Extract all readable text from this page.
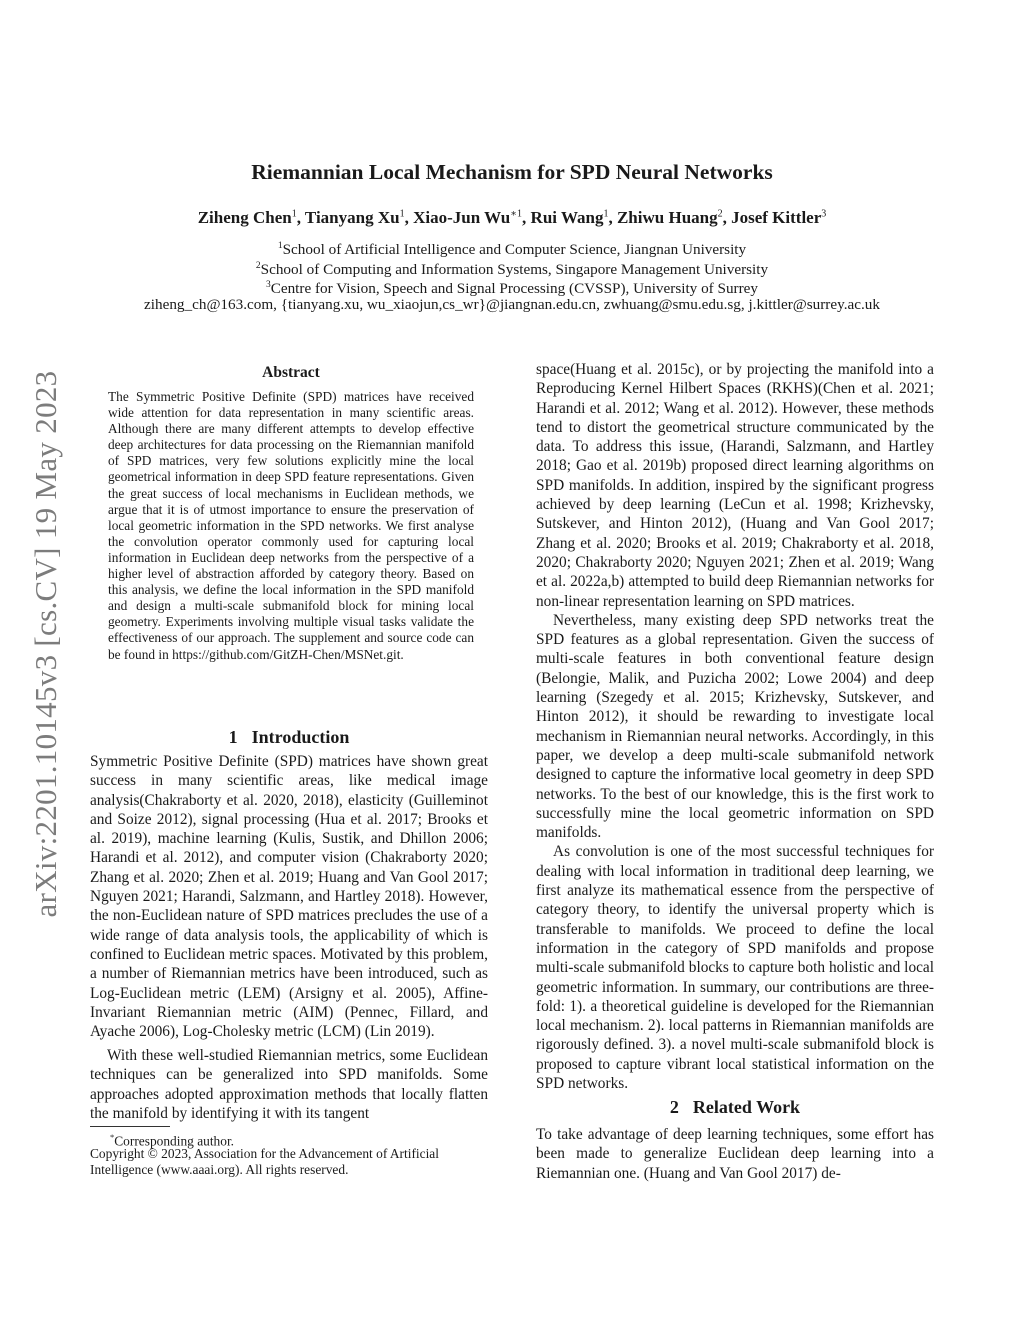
arXiv:2201.10145v3 [cs.CV] 19 May 2023
Riemannian Local Mechanism for SPD Neural Networks
Ziheng Chen$^1$, Tianyang Xu$^1$, Xiao-Jun $Wu^{∗1}$, Rui Wang$^1$, Zhiwu Huang$^2$, Josef Kittler$^3$
$^1$School of Artificial Intelligence and Computer Science, Jiangnan University
$^2$School of Computing and Information Systems, Singapore Management University
$^3$Centre for Vision, Speech and Signal Processing (CVSSP), University of Surrey
ziheng_ch@163.com, {tianyang.xu, wu_xiaojun,cs_wr}@jiangnan.edu.cn, zwhuang@smu.edu.sg, j.kittler@surrey.ac.uk
Abstract
The Symmetric Positive Definite (SPD) matrices have received wide attention for data representation in many scientific areas. Although there are many different attempts to develop effective deep architectures for data processing on the Riemannian manifold of SPD matrices, very few solutions explicitly mine the local geometrical information in deep SPD feature representations. Given the great success of local mechanisms in Euclidean methods, we argue that it is of utmost importance to ensure the preservation of local geometric information in the SPD networks. We first analyse the convolution operator commonly used for capturing local information in Euclidean deep networks from the perspective of a higher level of abstraction afforded by category theory. Based on this analysis, we define the local information in the SPD manifold and design a multi-scale submanifold block for mining local geometry. Experiments involving multiple visual tasks validate the effectiveness of our approach. The supplement and source code can be found in https://github.com/GitZH-Chen/MSNet.git.
1 Introduction

Symmetric Positive Definite (SPD) matrices have shown great success in many scientific areas, like medical image analysis(Chakraborty et al. 2020, 2018), elasticity (Guilleminot and Soize 2012), signal processing (Hua et al. 2017; Brooks et al. 2019), machine learning (Kulis, Sustik, and Dhillon 2006; Harandi et al. 2012), and computer vision (Chakraborty 2020; Zhang et al. 2020; Zhen et al. 2019; Huang and Van Gool 2017; Nguyen 2021; Harandi, Salzmann, and Hartley 2018). However, the non-Euclidean nature of SPD matrices precludes the use of a wide range of data analysis tools, the applicability of which is confined to Euclidean metric spaces. Motivated by this problem, a number of Riemannian metrics have been introduced, such as Log-Euclidean metric (LEM) (Arsigny et al. 2005), Affine-Invariant Riemannian metric (AIM) (Pennec, Fillard, and Ayache 2006), Log-Cholesky metric (LCM) (Lin 2019).

With these well-studied Riemannian metrics, some Euclidean techniques can be generalized into SPD manifolds. Some approaches adopted approximation methods that locally flatten the manifold by identifying it with its tangent

*Corresponding author.
Copyright © 2023, Association for the Advancement of Artificial Intelligence (www.aaai.org). All rights reserved.

space(Huang et al. 2015c), or by projecting the manifold into a Reproducing Kernel Hilbert Spaces (RKHS)(Chen et al. 2021; Harandi et al. 2012; Wang et al. 2012). However, these methods tend to distort the geometrical structure communicated by the data. To address this issue, (Harandi, Salzmann, and Hartley 2018; Gao et al. 2019b) proposed direct learning algorithms on SPD manifolds. In addition, inspired by the significant progress achieved by deep learning (LeCun et al. 1998; Krizhevsky, Sutskever, and Hinton 2012), (Huang and Van Gool 2017; Zhang et al. 2020; Brooks et al. 2019; Chakraborty et al. 2018, 2020; Chakraborty 2020; Nguyen 2021; Zhen et al. 2019; Wang et al. 2022a,b) attempted to build deep Riemannian networks for non-linear representation learning on SPD matrices.

Nevertheless, many existing deep SPD networks treat the SPD features as a global representation. Given the success of multi-scale features in both conventional feature design (Belongie, Malik, and Puzicha 2002; Lowe 2004) and deep learning (Szegedy et al. 2015; Krizhevsky, Sutskever, and Hinton 2012), it should be rewarding to investigate local mechanism in Riemannian neural networks. Accordingly, in this paper, we develop a deep multi-scale submanifold network designed to capture the informative local geometry in deep SPD networks. To the best of our knowledge, this is the first work to successfully mine the local geometric information on SPD manifolds.

As convolution is one of the most successful techniques for dealing with local information in traditional deep learning, we first analyze its mathematical essence from the perspective of category theory, to identify the universal property which is transferable to manifolds. We proceed to define the local information in the category of SPD manifolds and propose multi-scale submanifold blocks to capture both holistic and local geometric information. In summary, our contributions are three-fold: 1). a theoretical guideline is developed for the Riemannian local mechanism. 2). local patterns in Riemannian manifolds are rigorously defined. 3). a novel multi-scale submanifold block is proposed to capture vibrant local statistical information on the SPD networks.

2 Related Work

To take advantage of deep learning techniques, some effort has been made to generalize Euclidean deep learning into a Riemannian one. (Huang and Van Gool 2017) de-
